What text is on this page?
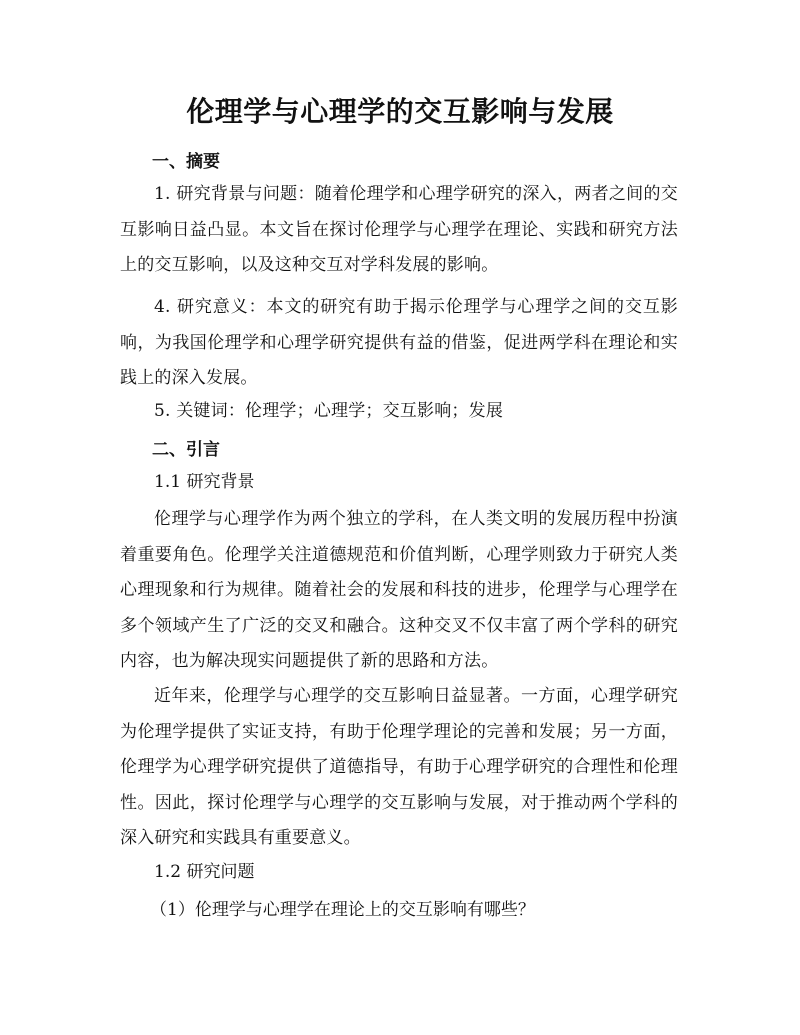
伦理学与心理学的交互影响与发展

一、摘要

1. 研究背景与问题：随着伦理学和心理学研究的深入，两者之间的交互影响日益凸显。本文旨在探讨伦理学与心理学在理论、实践和研究方法上的交互影响，以及这种交互对学科发展的影响。

4. 研究意义：本文的研究有助于揭示伦理学与心理学之间的交互影响，为我国伦理学和心理学研究提供有益的借鉴，促进两学科在理论和实践上的深入发展。

5. 关键词：伦理学；心理学；交互影响；发展

二、引言

1.1 研究背景

伦理学与心理学作为两个独立的学科，在人类文明的发展历程中扮演着重要角色。伦理学关注道德规范和价值判断，心理学则致力于研究人类心理现象和行为规律。随着社会的发展和科技的进步，伦理学与心理学在多个领域产生了广泛的交叉和融合。这种交叉不仅丰富了两个学科的研究内容，也为解决现实问题提供了新的思路和方法。

近年来，伦理学与心理学的交互影响日益显著。一方面，心理学研究为伦理学提供了实证支持，有助于伦理学理论的完善和发展；另一方面，伦理学为心理学研究提供了道德指导，有助于心理学研究的合理性和伦理性。因此，探讨伦理学与心理学的交互影响与发展，对于推动两个学科的深入研究和实践具有重要意义。

1.2 研究问题

（1）伦理学与心理学在理论上的交互影响有哪些？
